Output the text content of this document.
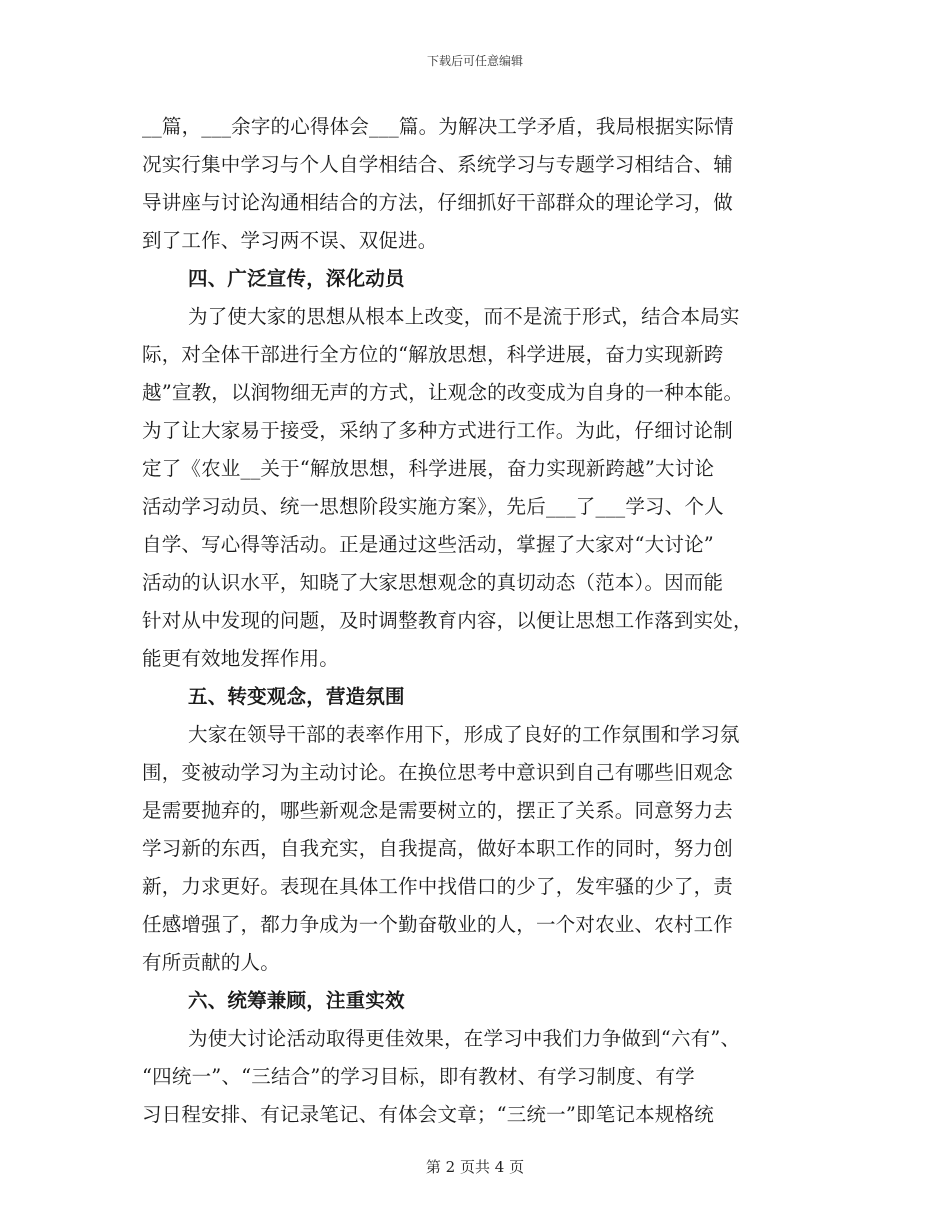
下载后可任意编辑
__篇，___余字的心得体会___篇。为解决工学矛盾，我局根据实际情
况实行集中学习与个人自学相结合、系统学习与专题学习相结合、辅
导讲座与讨论沟通相结合的方法，仔细抓好干部群众的理论学习，做
到了工作、学习两不误、双促进。
四、广泛宣传，深化动员
为了使大家的思想从根本上改变，而不是流于形式，结合本局实
际，对全体干部进行全方位的“解放思想，科学进展，奋力实现新跨
越”宣教，以润物细无声的方式，让观念的改变成为自身的一种本能。
为了让大家易于接受，采纳了多种方式进行工作。为此，仔细讨论制
定了《农业__关于“解放思想，科学进展，奋力实现新跨越”大讨论
活动学习动员、统一思想阶段实施方案》，先后___了___学习、个人
自学、写心得等活动。正是通过这些活动，掌握了大家对“大讨论”
活动的认识水平，知晓了大家思想观念的真切动态（范本）。因而能
针对从中发现的问题，及时调整教育内容，以便让思想工作落到实处，
能更有效地发挥作用。
五、转变观念，营造氛围
大家在领导干部的表率作用下，形成了良好的工作氛围和学习氛
围，变被动学习为主动讨论。在换位思考中意识到自己有哪些旧观念
是需要抛弃的，哪些新观念是需要树立的，摆正了关系。同意努力去
学习新的东西，自我充实，自我提高，做好本职工作的同时，努力创
新，力求更好。表现在具体工作中找借口的少了，发牢骚的少了，责
任感增强了，都力争成为一个勤奋敬业的人，一个对农业、农村工作
有所贡献的人。
六、统筹兼顾，注重实效
为使大讨论活动取得更佳效果，在学习中我们力争做到“六有”、
“四统一”、“三结合”的学习目标，即有教材、有学习制度、有学
习日程安排、有记录笔记、有体会文章；“三统一”即笔记本规格统
第 2 页共 4 页
